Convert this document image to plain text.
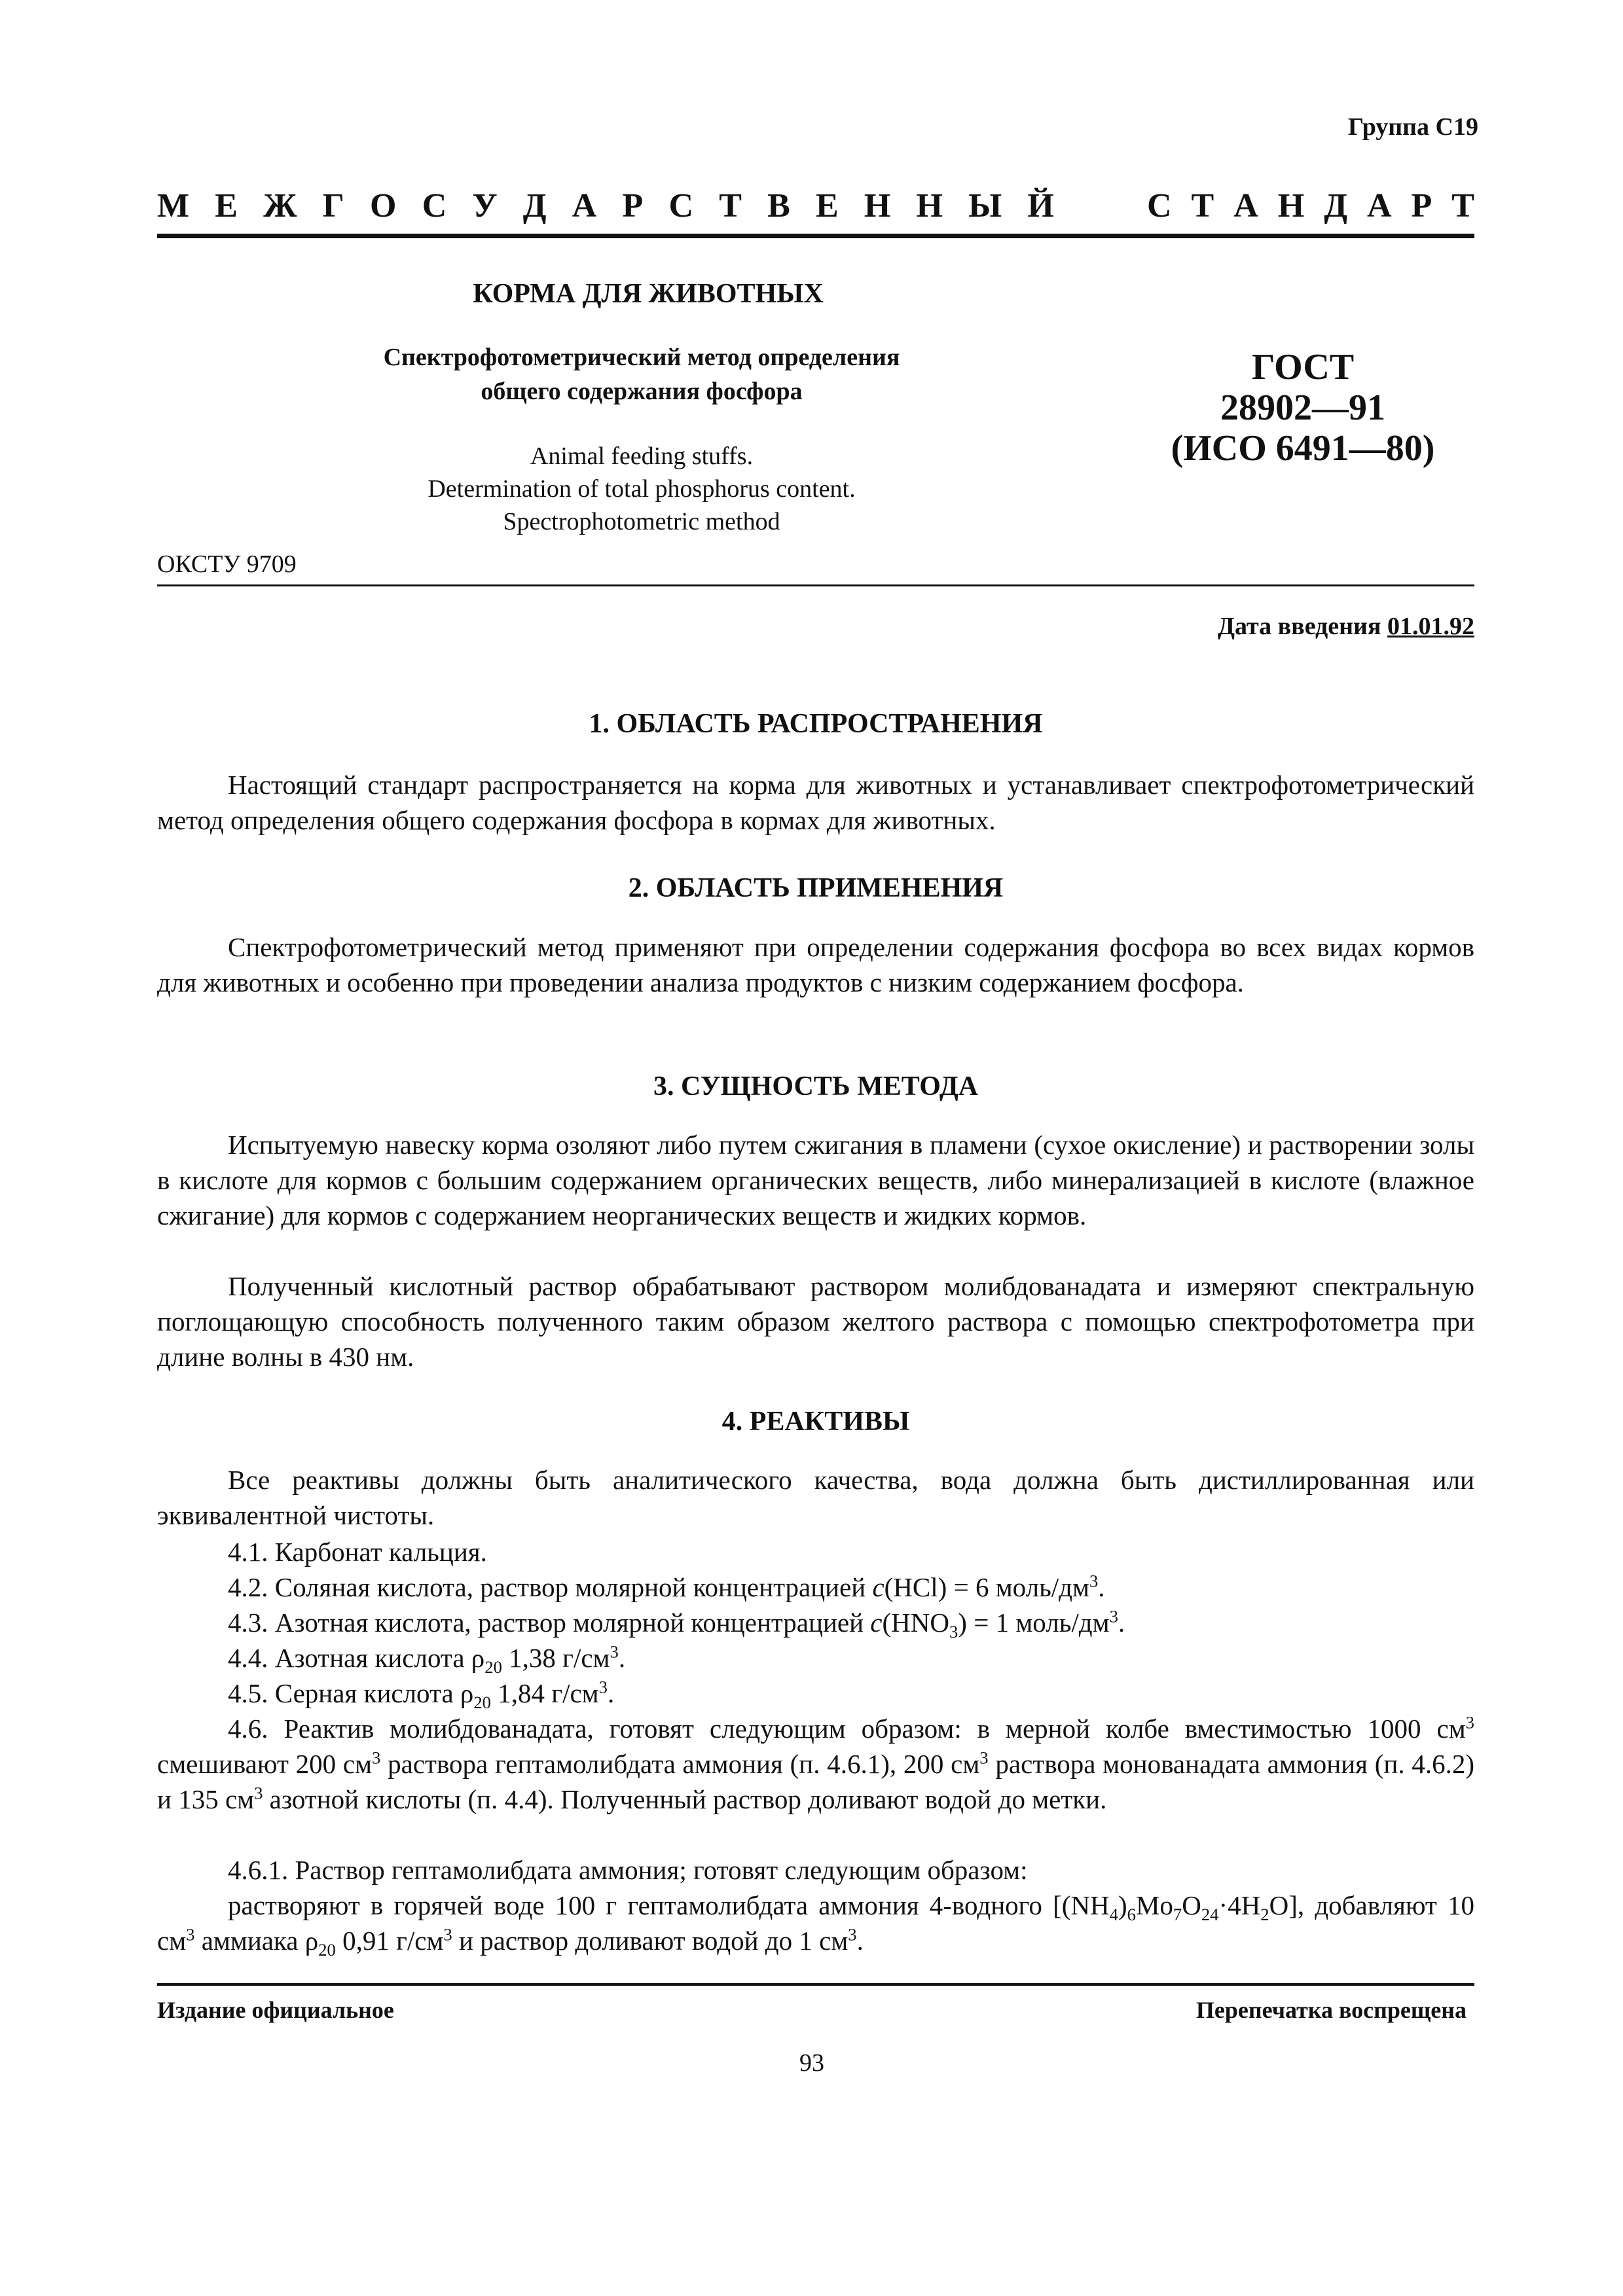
Группа С19
М Е Ж Г О С У Д А Р С Т В Е Н Н Ы Й	С Т А Н Д А Р Т
КОРМА ДЛЯ ЖИВОТНЫХ
Спектрофотометрический метод определения
общего содержания фосфора
Animal feeding stuffs.
Determination of total phosphorus content.
Spectrophotometric method
ГОСТ
28902—91
(ИСО 6491—80)
ОКСТУ 9709
Дата введения 01.01.92
1. ОБЛАСТЬ РАСПРОСТРАНЕНИЯ

Настоящий стандарт распространяется на корма для животных и устанавливает спектрофотометрический метод определения общего содержания фосфора в кормах для животных.

2. ОБЛАСТЬ ПРИМЕНЕНИЯ

Спектрофотометрический метод применяют при определении содержания фосфора во всех видах кормов для животных и особенно при проведении анализа продуктов с низким содержанием фосфора.

3. СУЩНОСТЬ МЕТОДА

Испытуемую навеску корма озоляют либо путем сжигания в пламени (сухое окисление) и растворении золы в кислоте для кормов с большим содержанием органических веществ, либо минерализацией в кислоте (влажное сжигание) для кормов с содержанием неорганических веществ и жидких кормов.

Полученный кислотный раствор обрабатывают раствором молибдованадата и измеряют спектральную поглощающую способность полученного таким образом желтого раствора с помощью спектрофотометра при длине волны в 430 нм.

4. РЕАКТИВЫ

Все реактивы должны быть аналитического качества, вода должна быть дистиллированная или эквивалентной чистоты.

4.1. Карбонат кальция.

4.2. Соляная кислота, раствор молярной концентрацией c(HCl) = 6 моль/$дм^3$.

4.3. Азотная кислота, раствор молярной концентрацией $c(HNO_3) = 1$ моль/$дм^3$.

4.4. Азотная кислота $\rho_{20}$ 1,38 $г/см^3$.

4.5. Серная кислота $\rho_{20}$ 1,84 $г/см^3$.

4.6. Реактив молибдованадата, готовят следующим образом: в мерной колбе вместимостью 1000 $см^3$ смешивают 200 $см^3$ раствора гептамолибдата аммония (п. 4.6.1), 200 $см^3$ раствора монованадата аммония (п. 4.6.2) и 135 $см^3$ азотной кислоты (п. 4.4). Полученный раствор доливают водой до метки.

4.6.1. Раствор гептамолибдата аммония; готовят следующим образом:

растворяют в горячей воде 100 г гептамолибдата аммония 4-водного $[(NH_4)_6Mo_7O_{24}\cdot 4H_2O]$, добавляют 10 $см^3$ аммиака $\rho_{20}$ 0,91 $г/см^3$ и раствор доливают водой до 1 $см^3$.

Издание официальное	Перепечатка воспрещена
93
